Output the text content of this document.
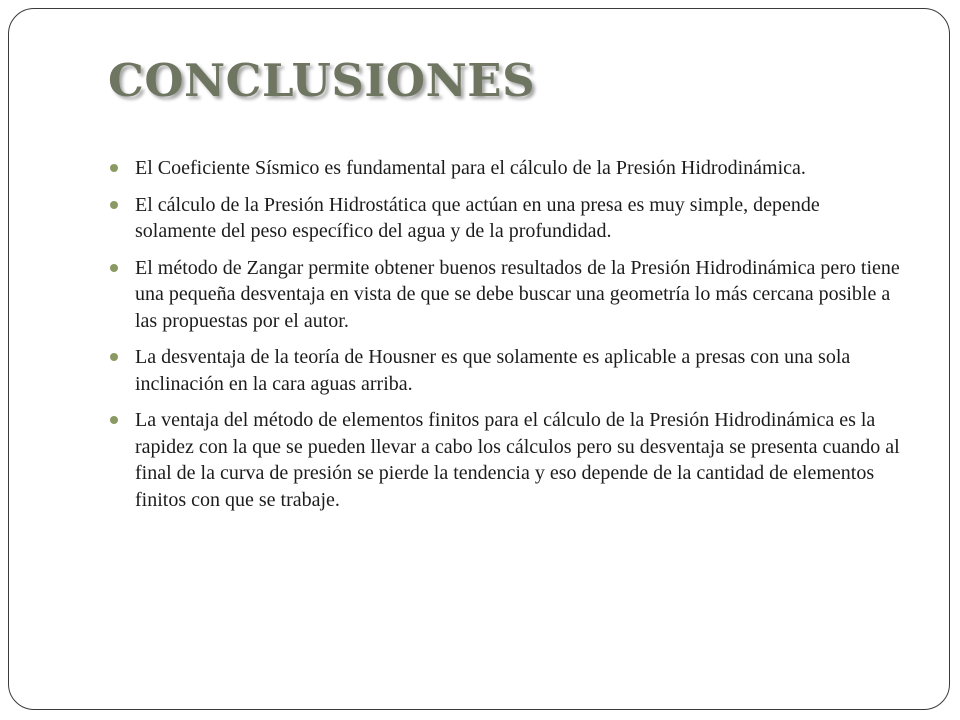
CONCLUSIONES
El Coeficiente Sísmico es fundamental para el cálculo de la Presión Hidrodinámica.
El cálculo de la Presión Hidrostática que actúan en una presa es muy simple, depende solamente del peso específico del agua y de la profundidad.
El método de Zangar permite obtener buenos resultados de la Presión Hidrodinámica pero tiene una pequeña desventaja en vista de que se debe buscar una geometría lo más cercana posible a las propuestas por el autor.
La desventaja de la teoría de Housner es que solamente es aplicable a presas con una sola inclinación en la cara aguas arriba.
La ventaja del método de elementos finitos para el cálculo de la Presión Hidrodinámica es la rapidez con la que se pueden llevar a cabo los cálculos pero su desventaja se presenta cuando al final de la curva de presión se pierde la tendencia y eso depende de la cantidad de elementos finitos con que se trabaje.
